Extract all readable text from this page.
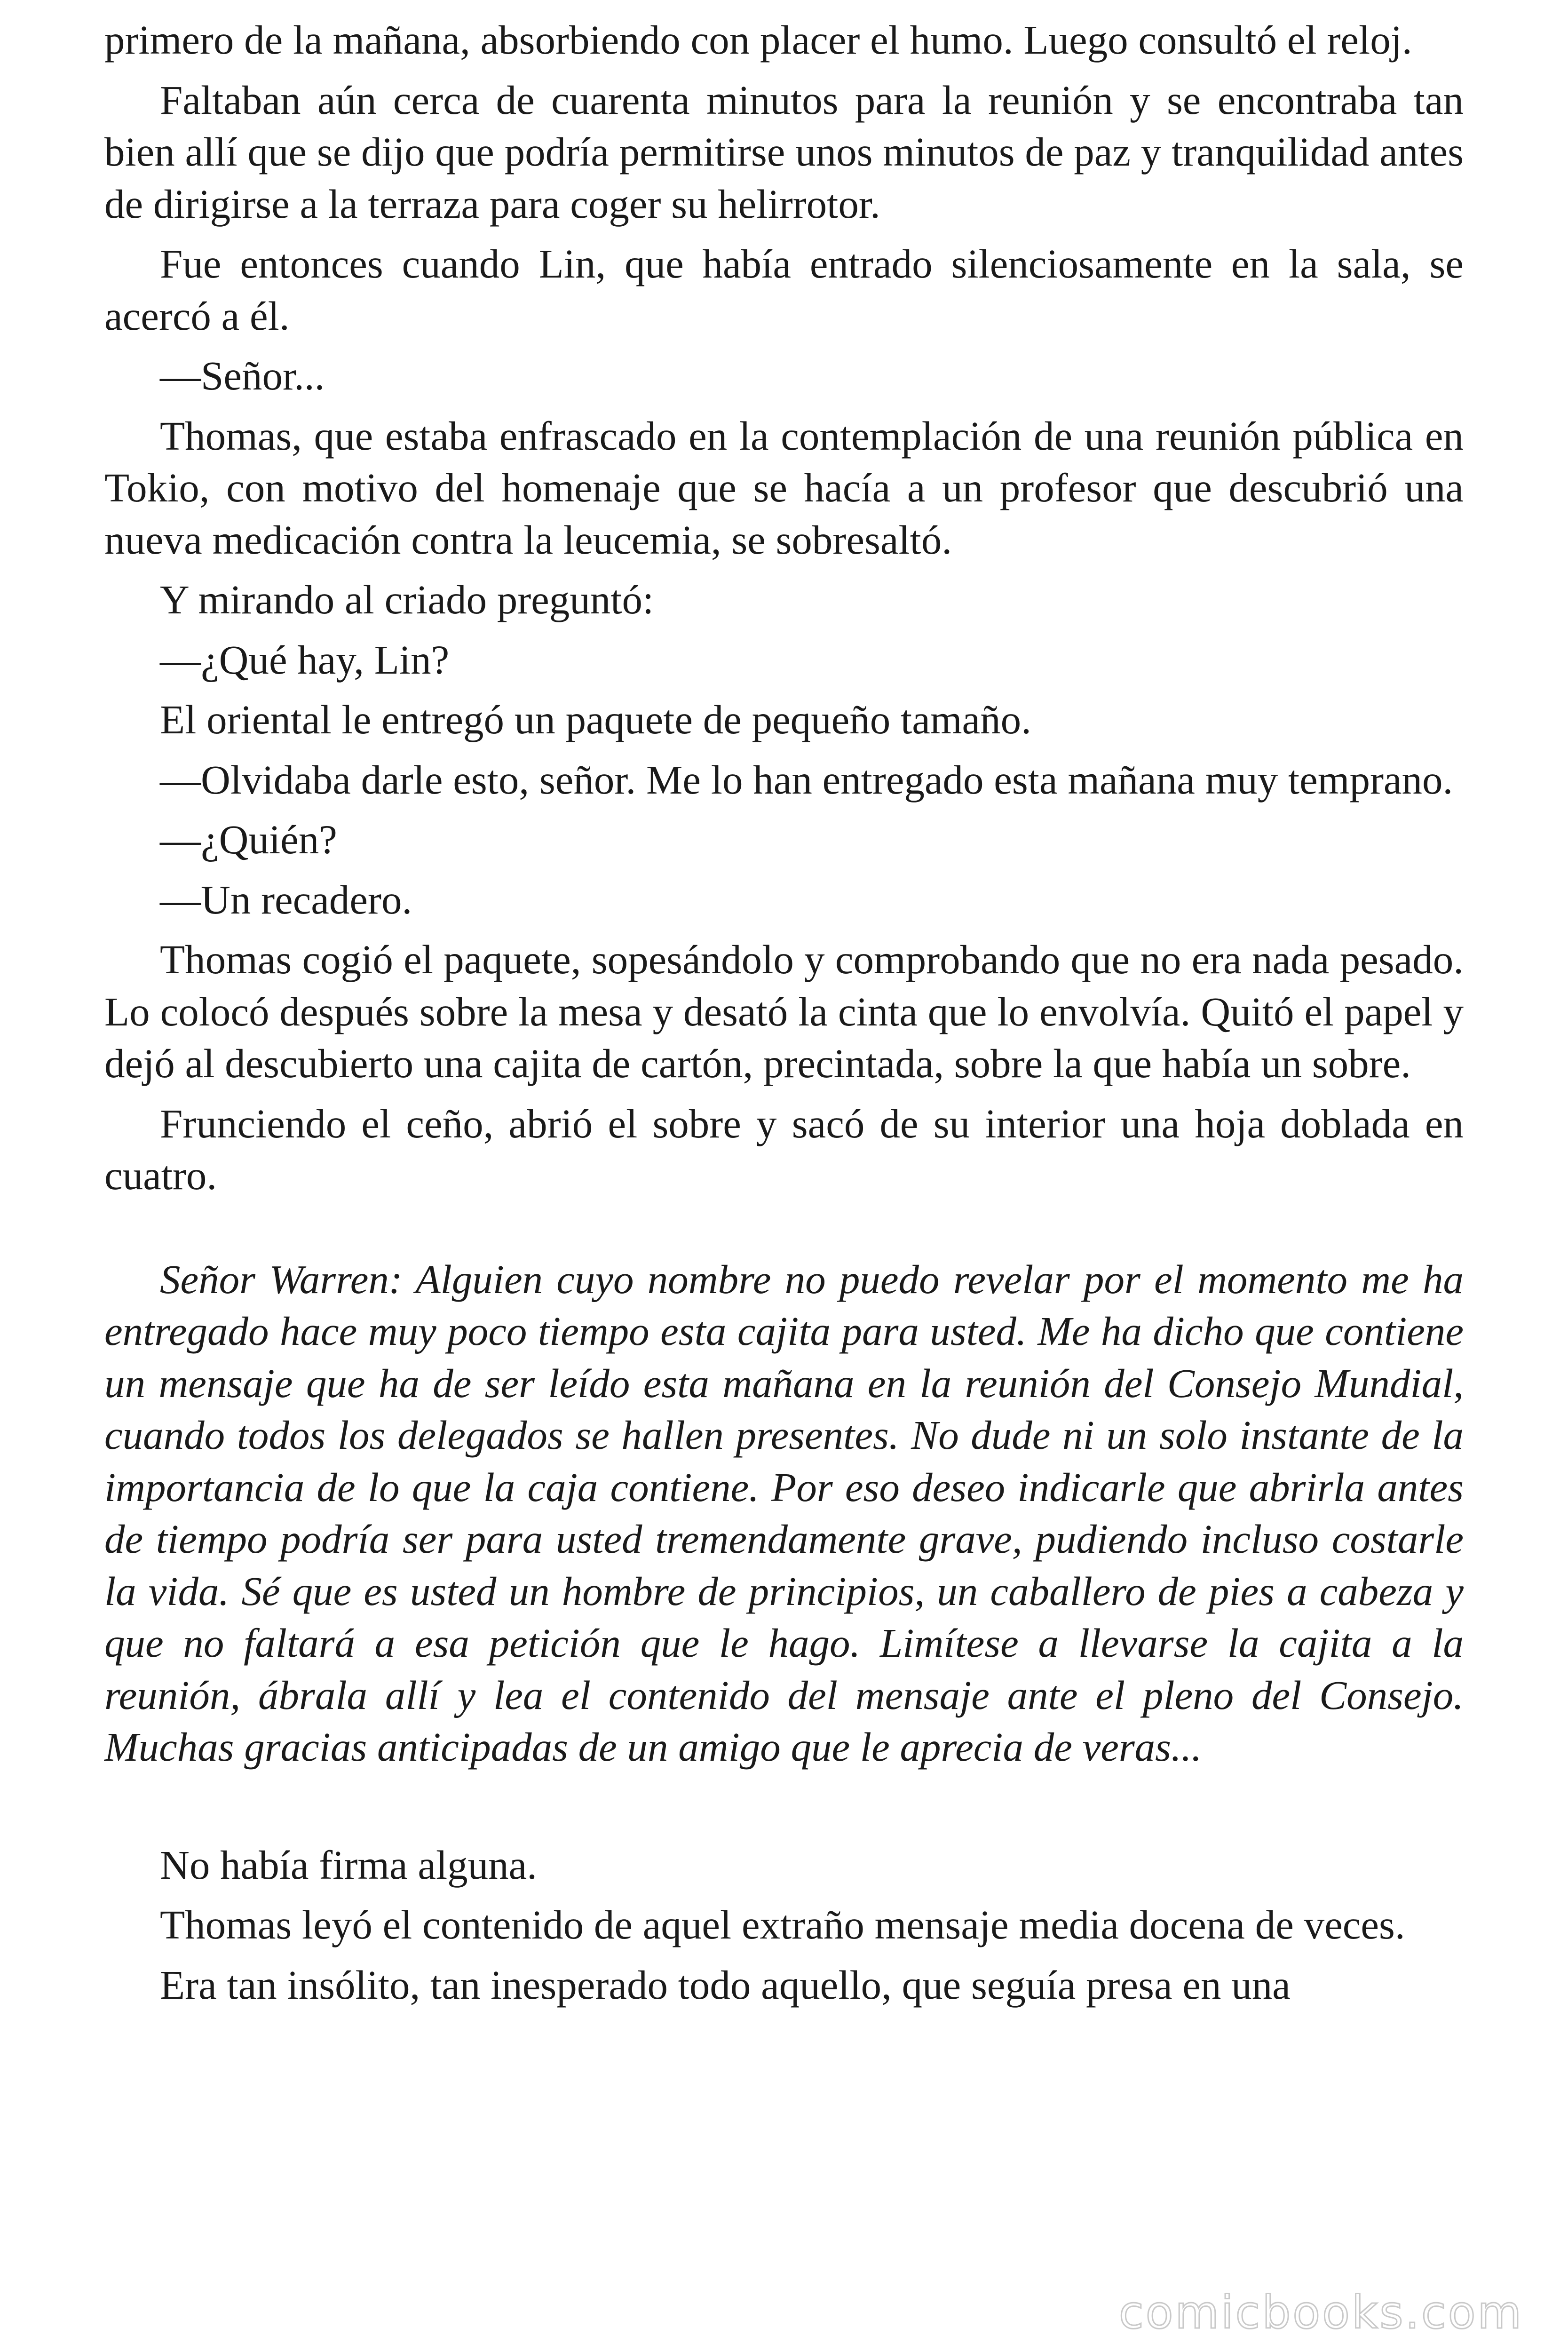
primero de la mañana, absorbiendo con placer el humo. Luego consultó el reloj.

Faltaban aún cerca de cuarenta minutos para la reunión y se encontraba tan bien allí que se dijo que podría permitirse unos minutos de paz y tranquilidad antes de dirigirse a la terraza para coger su helirrotor.

Fue entonces cuando Lin, que había entrado silenciosamente en la sala, se acercó a él.

—Señor...

Thomas, que estaba enfrascado en la contemplación de una reunión pública en Tokio, con motivo del homenaje que se hacía a un profesor que descubrió una nueva medicación contra la leucemia, se sobresaltó.

Y mirando al criado preguntó:

—¿Qué hay, Lin?

El oriental le entregó un paquete de pequeño tamaño.

—Olvidaba darle esto, señor. Me lo han entregado esta mañana muy temprano.

—¿Quién?

—Un recadero.

Thomas cogió el paquete, sopesándolo y comprobando que no era nada pesado. Lo colocó después sobre la mesa y desató la cinta que lo envolvía. Quitó el papel y dejó al descubierto una cajita de cartón, precintada, sobre la que había un sobre.

Frunciendo el ceño, abrió el sobre y sacó de su interior una hoja doblada en cuatro.

Señor Warren: Alguien cuyo nombre no puedo revelar por el momento me ha entregado hace muy poco tiempo esta cajita para usted. Me ha dicho que contiene un mensaje que ha de ser leído esta mañana en la reunión del Consejo Mundial, cuando todos los delegados se hallen presentes. No dude ni un solo instante de la importancia de lo que la caja contiene. Por eso deseo indicarle que abrirla antes de tiempo podría ser para usted tremendamente grave, pudiendo incluso costarle la vida. Sé que es usted un hombre de principios, un caballero de pies a cabeza y que no faltará a esa petición que le hago. Limítese a llevarse la cajita a la reunión, ábrala allí y lea el contenido del mensaje ante el pleno del Consejo. Muchas gracias anticipadas de un amigo que le aprecia de veras...

No había firma alguna.

Thomas leyó el contenido de aquel extraño mensaje media docena de veces.

Era tan insólito, tan inesperado todo aquello, que seguía presa en una

comicbooks.com
